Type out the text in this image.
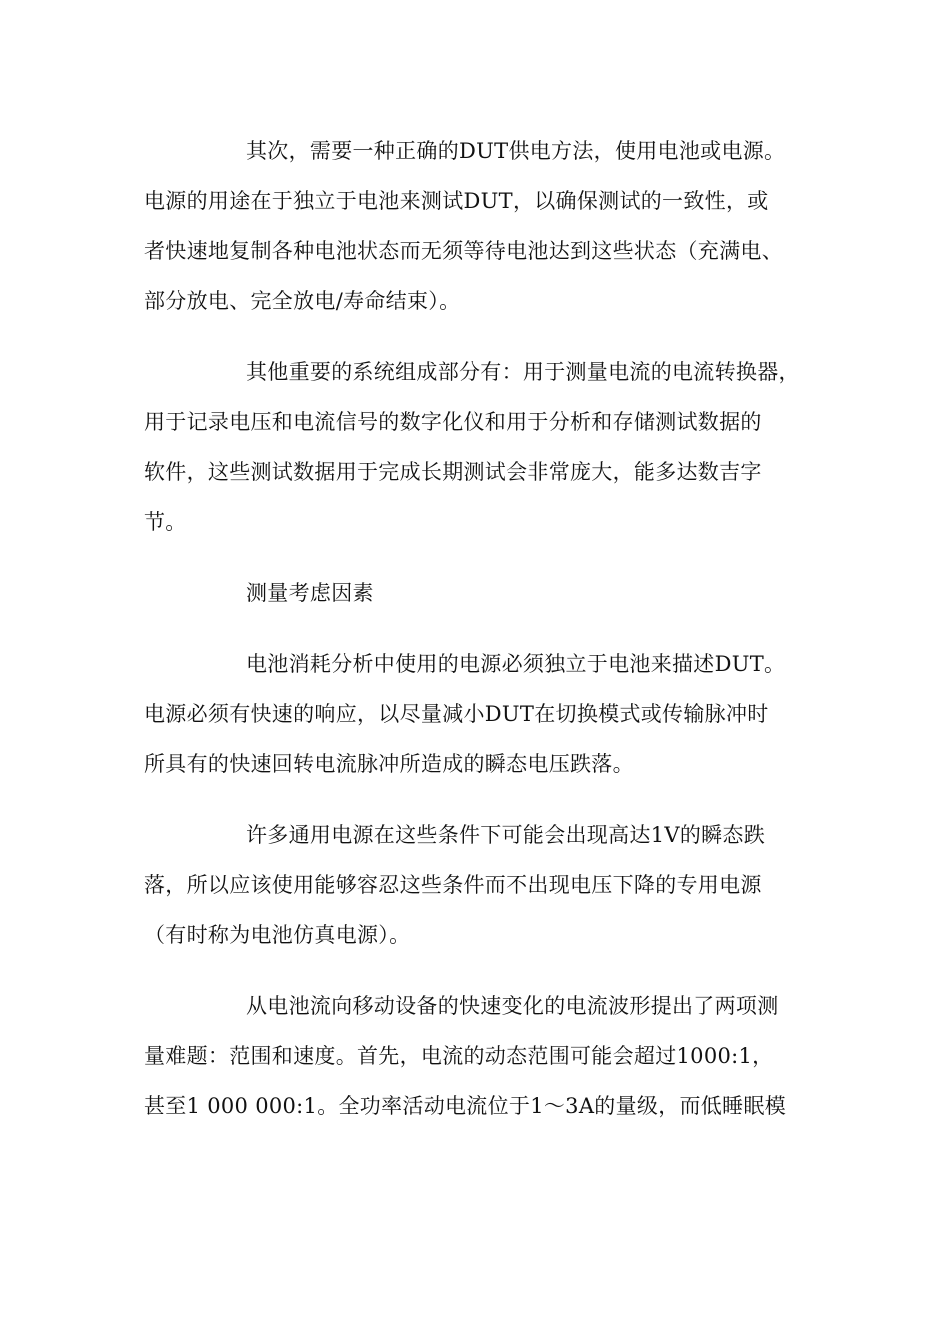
其次，需要一种正确的DUT供电方法，使用电池或电源。
电源的用途在于独立于电池来测试DUT，以确保测试的一致性，或
者快速地复制各种电池状态而无须等待电池达到这些状态（充满电、
部分放电、完全放电/寿命结束）。
其他重要的系统组成部分有：用于测量电流的电流转换器，
用于记录电压和电流信号的数字化仪和用于分析和存储测试数据的
软件，这些测试数据用于完成长期测试会非常庞大，能多达数吉字
节。
测量考虑因素
电池消耗分析中使用的电源必须独立于电池来描述DUT。
电源必须有快速的响应，以尽量减小DUT在切换模式或传输脉冲时
所具有的快速回转电流脉冲所造成的瞬态电压跌落。
许多通用电源在这些条件下可能会出现高达1V的瞬态跌
落，所以应该使用能够容忍这些条件而不出现电压下降的专用电源
（有时称为电池仿真电源）。
从电池流向移动设备的快速变化的电流波形提出了两项测
量难题：范围和速度。首先，电流的动态范围可能会超过1000:1，
甚至1 000 000:1。全功率活动电流位于1～3A的量级，而低睡眠模
